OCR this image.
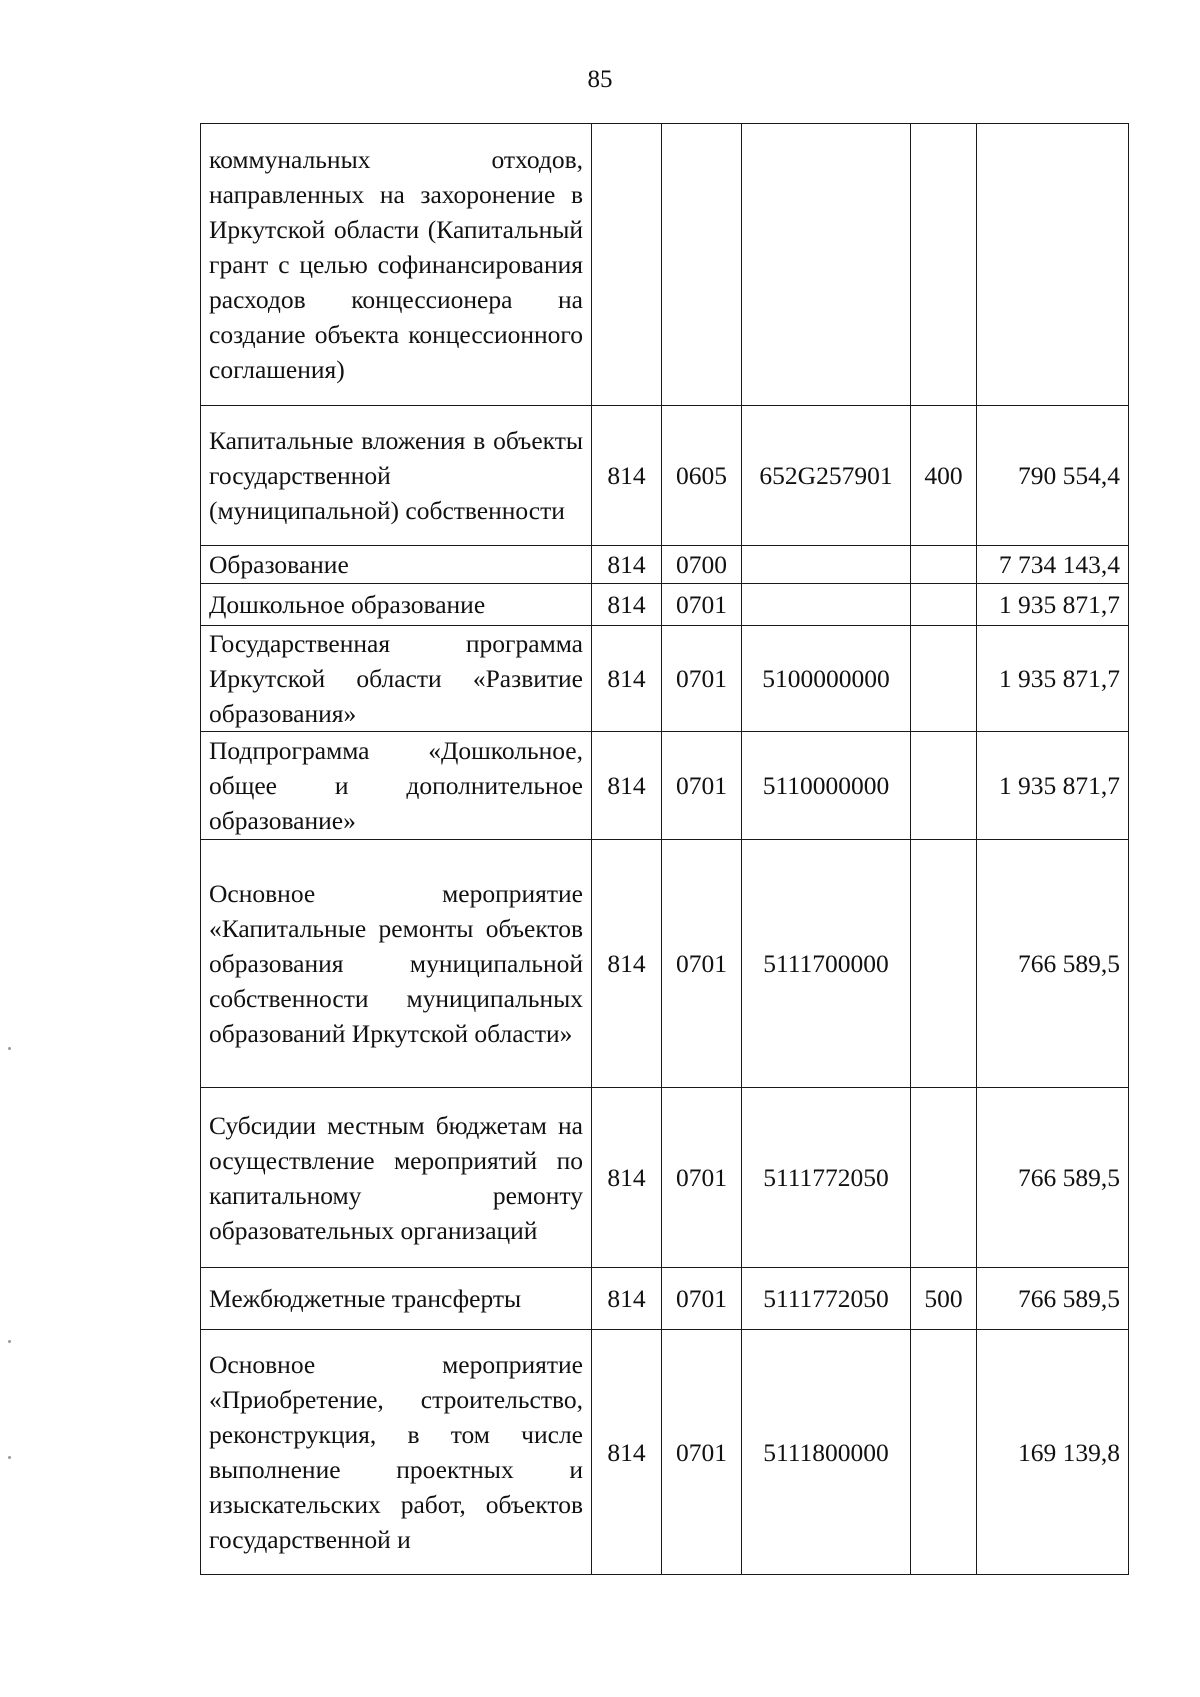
85
коммунальных отходов, направленных на захоронение в Иркутской области (Капитальный грант с целью софинансирования расходов концессионера на создание объекта концессионного соглашения)					
Капитальные вложения в объекты государственной (муниципальной) собственности	814	0605	652G257901	400	790 554,4
Образование	814	0700			7 734 143,4
Дошкольное образование	814	0701			1 935 871,7
Государственная программа Иркутской области «Развитие образования»	814	0701	5100000000		1 935 871,7
Подпрограмма «Дошкольное, общее и дополнительное образование»	814	0701	5110000000		1 935 871,7
Основное мероприятие «Капитальные ремонты объектов образования муниципальной собственности муниципальных образований Иркутской области»	814	0701	5111700000		766 589,5
Субсидии местным бюджетам на осуществление мероприятий по капитальному ремонту образовательных организаций	814	0701	5111772050		766 589,5
Межбюджетные трансферты	814	0701	5111772050	500	766 589,5
Основное мероприятие «Приобретение, строительство, реконструкция, в том числе выполнение проектных и изыскательских работ, объектов государственной и	814	0701	5111800000		169 139,8
